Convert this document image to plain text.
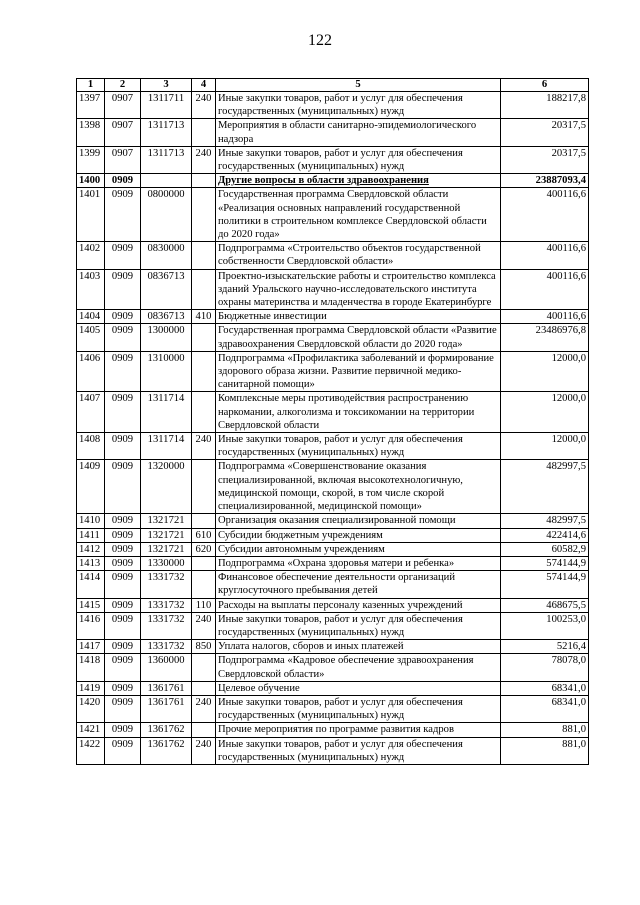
122
1	2	3	4	5	6
1397	0907	1311711	240	Иные закупки товаров, работ и услуг для обеспечения государственных (муниципальных) нужд	188217,8
1398	0907	1311713		Мероприятия в области санитарно-эпидемиологического надзора	20317,5
1399	0907	1311713	240	Иные закупки товаров, работ и услуг для обеспечения государственных (муниципальных) нужд	20317,5
1400	0909			Другие вопросы в области здравоохранения	23887093,4
1401	0909	0800000		Государственная программа Свердловской области «Реализация основных направлений государственной политики в строительном комплексе Свердловской области до 2020 года»	400116,6
1402	0909	0830000		Подпрограмма «Строительство объектов государственной собственности Свердловской области»	400116,6
1403	0909	0836713		Проектно-изыскательские работы и строительство комплекса зданий Уральского научно-исследовательского института охраны материнства и младенчества в городе Екатеринбурге	400116,6
1404	0909	0836713	410	Бюджетные инвестиции	400116,6
1405	0909	1300000		Государственная программа Свердловской области «Развитие здравоохранения Свердловской области до 2020 года»	23486976,8
1406	0909	1310000		Подпрограмма «Профилактика заболеваний и формирование здорового образа жизни. Развитие первичной медико-санитарной помощи»	12000,0
1407	0909	1311714		Комплексные меры противодействия распространению наркомании, алкоголизма и токсикомании на территории Свердловской области	12000,0
1408	0909	1311714	240	Иные закупки товаров, работ и услуг для обеспечения государственных (муниципальных) нужд	12000,0
1409	0909	1320000		Подпрограмма «Совершенствование оказания специализированной, включая высокотехнологичную, медицинской помощи, скорой, в том числе скорой специализированной, медицинской помощи»	482997,5
1410	0909	1321721		Организация оказания специализированной помощи	482997,5
1411	0909	1321721	610	Субсидии бюджетным учреждениям	422414,6
1412	0909	1321721	620	Субсидии автономным учреждениям	60582,9
1413	0909	1330000		Подпрограмма «Охрана здоровья матери и ребенка»	574144,9
1414	0909	1331732		Финансовое обеспечение деятельности организаций круглосуточного пребывания детей	574144,9
1415	0909	1331732	110	Расходы на выплаты персоналу казенных учреждений	468675,5
1416	0909	1331732	240	Иные закупки товаров, работ и услуг для обеспечения государственных (муниципальных) нужд	100253,0
1417	0909	1331732	850	Уплата налогов, сборов и иных платежей	5216,4
1418	0909	1360000		Подпрограмма «Кадровое обеспечение здравоохранения Свердловской области»	78078,0
1419	0909	1361761		Целевое обучение	68341,0
1420	0909	1361761	240	Иные закупки товаров, работ и услуг для обеспечения государственных (муниципальных) нужд	68341,0
1421	0909	1361762		Прочие мероприятия по программе развития кадров	881,0
1422	0909	1361762	240	Иные закупки товаров, работ и услуг для обеспечения государственных (муниципальных) нужд	881,0
